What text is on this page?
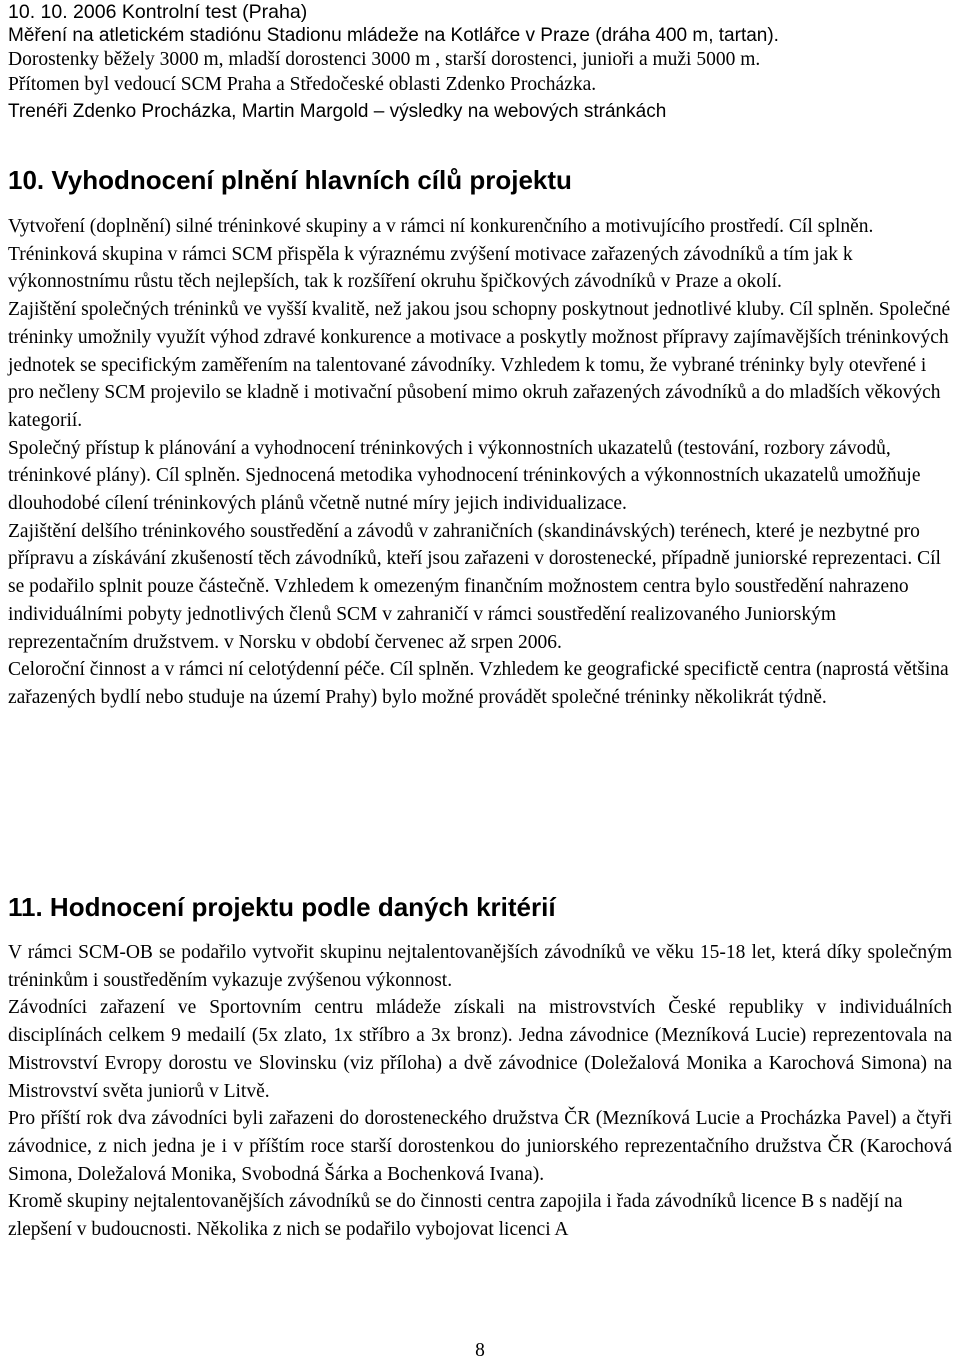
10. 10. 2006 Kontrolní test (Praha)
Měření na atletickém stadiónu Stadionu mládeže na Kotlářce v Praze (dráha 400 m, tartan).
Dorostenky běžely 3000 m, mladší dorostenci 3000 m , starší dorostenci, junioři a muži 5000 m.
Přítomen byl vedoucí SCM Praha a Středočeské oblasti Zdenko Procházka.
Trenéři Zdenko Procházka, Martin Margold – výsledky na webových stránkách
10. Vyhodnocení plnění hlavních cílů projektu

Vytvoření (doplnění) silné tréninkové skupiny a v rámci ní konkurenčního a motivujícího prostředí. Cíl splněn. Tréninková skupina v rámci SCM přispěla k výraznému zvýšení motivace zařazených závodníků a tím jak k výkonnostnímu růstu těch nejlepších, tak k rozšíření okruhu špičkových závodníků v Praze a okolí.

Zajištění společných tréninků ve vyšší kvalitě, než jakou jsou schopny poskytnout jednotlivé kluby. Cíl splněn. Společné tréninky umožnily využít výhod zdravé konkurence a motivace a poskytly možnost přípravy zajímavějších tréninkových jednotek se specifickým zaměřením na talentované závodníky. Vzhledem k tomu, že vybrané tréninky byly otevřené i pro nečleny SCM projevilo se kladně i motivační působení mimo okruh zařazených závodníků a do mladších věkových kategorií.

Společný přístup k plánování a vyhodnocení tréninkových i výkonnostních ukazatelů (testování, rozbory závodů, tréninkové plány). Cíl splněn. Sjednocená metodika vyhodnocení tréninkových a výkonnostních ukazatelů umožňuje dlouhodobé cílení tréninkových plánů včetně nutné míry jejich individualizace.

Zajištění delšího tréninkového soustředění a závodů v zahraničních (skandinávských) terénech, které je nezbytné pro přípravu a získávání zkušeností těch závodníků, kteří jsou zařazeni v dorostenecké, případně juniorské reprezentaci. Cíl se podařilo splnit pouze částečně. Vzhledem k omezeným finančním možnostem centra bylo soustředění nahrazeno individuálními pobyty jednotlivých členů SCM v zahraničí v rámci soustředění realizovaného Juniorským reprezentačním družstvem. v Norsku v období červenec až srpen 2006.

Celoroční činnost a v rámci ní celotýdenní péče. Cíl splněn. Vzhledem ke geografické specifictě centra (naprostá většina zařazených bydlí nebo studuje na území Prahy) bylo možné provádět společné tréninky několikrát týdně.

11. Hodnocení projektu podle daných kritérií

V rámci SCM-OB se podařilo vytvořit skupinu nejtalentovanějších závodníků ve věku 15-18 let, která díky společným tréninkům i soustředěním vykazuje zvýšenou výkonnost.

Závodníci zařazení ve Sportovním centru mládeže získali na mistrovstvích České republiky v individuálních disciplínách celkem 9 medailí (5x zlato, 1x stříbro a 3x bronz). Jedna závodnice (Mezníková Lucie) reprezentovala na Mistrovství Evropy dorostu ve Slovinsku (viz příloha) a dvě závodnice (Doležalová Monika a Karochová Simona) na Mistrovství světa juniorů v Litvě.

Pro příští rok dva závodníci byli zařazeni do dorosteneckého družstva ČR (Mezníková Lucie a Procházka Pavel) a čtyři závodnice, z nich jedna je i v příštím roce starší dorostenkou do juniorského reprezentačního družstva ČR (Karochová Simona, Doležalová Monika, Svobodná Šárka a Bochenková Ivana).

Kromě skupiny nejtalentovanějších závodníků se do činnosti centra zapojila i řada závodníků licence B s nadějí na zlepšení v budoucnosti. Několika z nich se podařilo vybojovat licenci A

8
